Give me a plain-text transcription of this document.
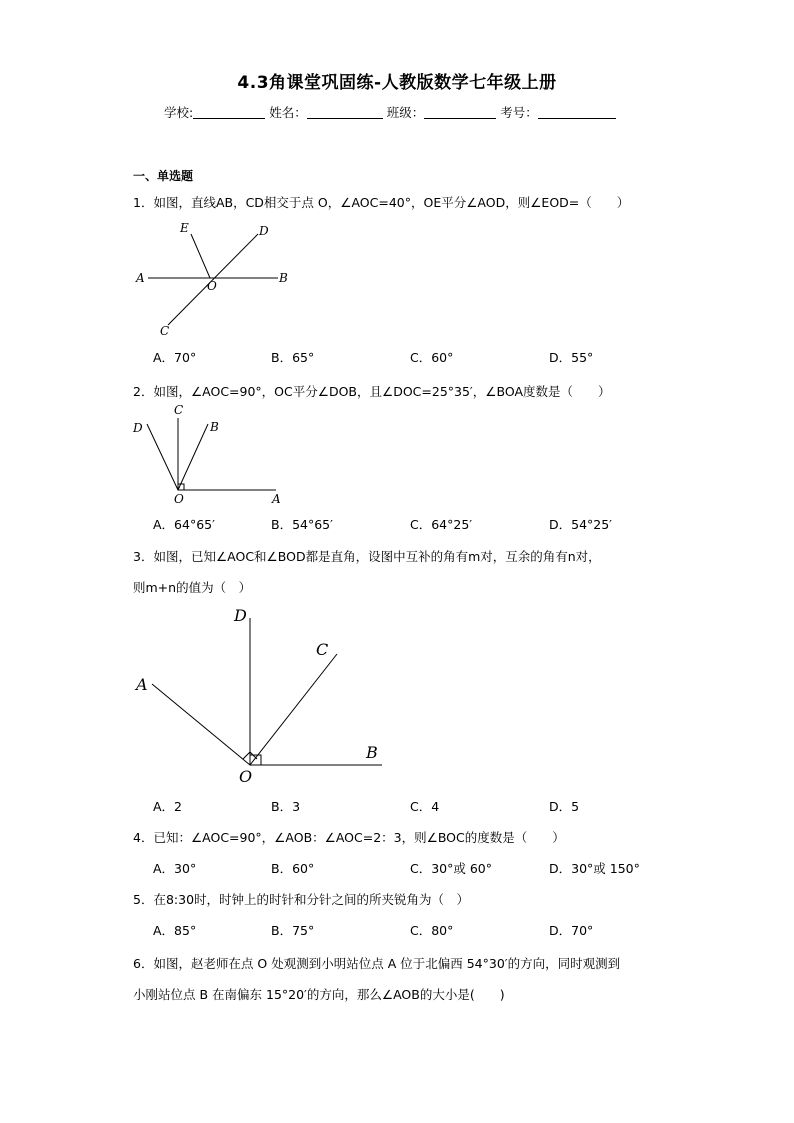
4.3角课堂巩固练-人教版数学七年级上册
学校:	姓名：	班级：	考号：
一、单选题
1．如图，直线AB，CD相交于点 O，∠AOC=40°，OE平分∠AOD，则∠EOD=（　　）
E	D
A
O
B
C
A．70°	B．65°	C．60°	D．55°
2．如图，∠AOC=90°，OC平分∠DOB，且∠DOC=25°35′，∠BOA度数是（　　）
C
D	B
O	A
A．64°65′	B．54°65′	C．64°25′	D．54°25′
3．如图，已知∠AOC和∠BOD都是直角，设图中互补的角有m对，互余的角有n对，
则m+n的值为（　）
D
C
A
B
O
A．2	B．3	C．4	D．5
4．已知：∠AOC=90°，∠AOB：∠AOC=2：3，则∠BOC的度数是（　　）
A．30°	B．60°	C．30°或 60°	D．30°或 150°
5．在8:30时，时钟上的时针和分针之间的所夹锐角为（　）
A．85°	B．75°	C．80°	D．70°
6．如图，赵老师在点 O 处观测到小明站位点 A 位于北偏西 54°30′的方向，同时观测到
小刚站位点 B 在南偏东 15°20′的方向，那么∠AOB的大小是(　　)
